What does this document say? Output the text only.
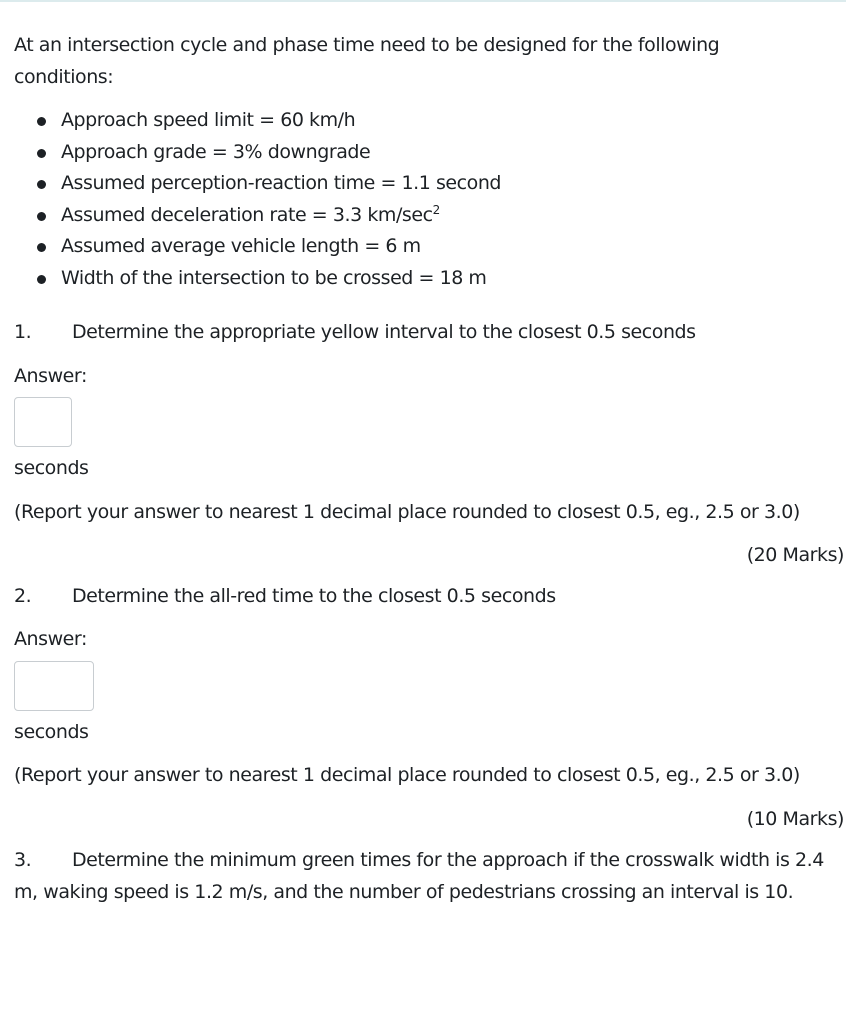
At an intersection cycle and phase time need to be designed for the following conditions:

Approach speed limit = 60 km/h
Approach grade = 3% downgrade
Assumed perception-reaction time = 1.1 second
Assumed deceleration rate = 3.3 $km/\sec^2$
Assumed average vehicle length = 6 m
Width of the intersection to be crossed = 18 m
1.	Determine the appropriate yellow interval to the closest 0.5 seconds

Answer:

seconds

(Report your answer to nearest 1 decimal place rounded to closest 0.5, eg., 2.5 or 3.0)

(20 Marks)

2.	Determine the all-red time to the closest 0.5 seconds

Answer:

seconds

(Report your answer to nearest 1 decimal place rounded to closest 0.5, eg., 2.5 or 3.0)

(10 Marks)

3. Determine the minimum green times for the approach if the crosswalk width is 2.4 m, waking speed is 1.2 m/s, and the number of pedestrians crossing an interval is 10.
